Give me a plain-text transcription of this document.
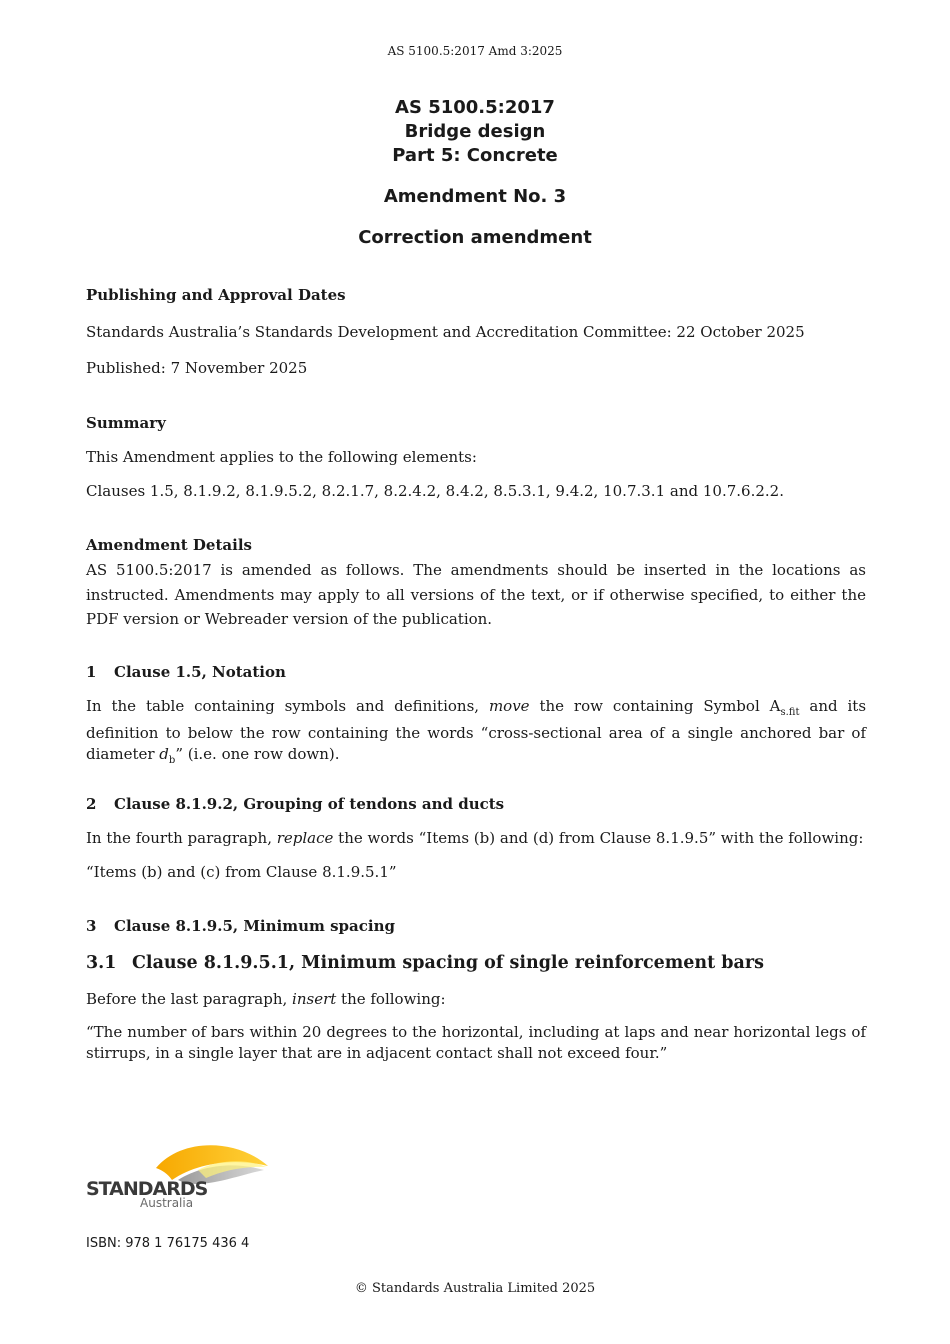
AS 5100.5:2017 Amd 3:2025
AS 5100.5:2017
Bridge design
Part 5: Concrete
Amendment No. 3
Correction amendment
Publishing and Approval Dates
Standards Australia’s Standards Development and Accreditation Committee: 22 October 2025
Published: 7 November 2025
Summary
This Amendment applies to the following elements:
Clauses 1.5, 8.1.9.2, 8.1.9.5.2, 8.2.1.7, 8.2.4.2, 8.4.2, 8.5.3.1, 9.4.2, 10.7.3.1 and 10.7.6.2.2.
Amendment Details
AS 5100.5:2017 is amended as follows. The amendments should be inserted in the locations as instructed. Amendments may apply to all versions of the text, or if otherwise specified, to either the PDF version or Webreader version of the publication.
1 Clause 1.5, Notation
In the table containing symbols and definitions, move the row containing Symbol $A_{s.fit}$ and its definition to below the row containing the words “cross-sectional area of a single anchored bar of diameter $d_b$” (i.e. one row down).
2 Clause 8.1.9.2, Grouping of tendons and ducts
In the fourth paragraph, replace the words “Items (b) and (d) from Clause 8.1.9.5” with the following:
“Items (b) and (c) from Clause 8.1.9.5.1”
3 Clause 8.1.9.5, Minimum spacing
3.1 Clause 8.1.9.5.1, Minimum spacing of single reinforcement bars
Before the last paragraph, insert the following:
“The number of bars within 20 degrees to the horizontal, including at laps and near horizontal legs of stirrups, in a single layer that are in adjacent contact shall not exceed four.”
STANDARDS
Australia
ISBN: 978 1 76175 436 4
© Standards Australia Limited 2025
